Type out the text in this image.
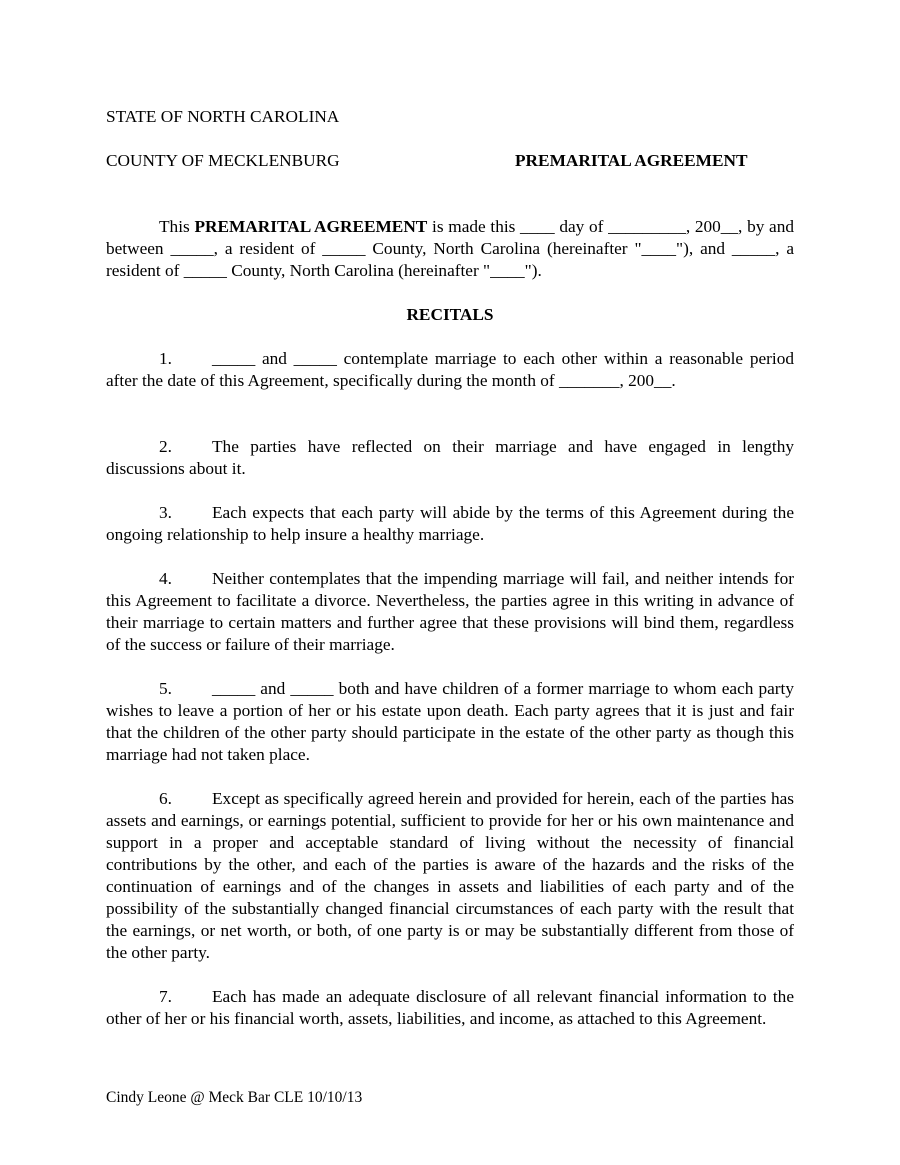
STATE OF NORTH CAROLINA
COUNTY OF MECKLENBURG	PREMARITAL AGREEMENT

This PREMARITAL AGREEMENT is made this ____ day of _________, 200__, by and between _____, a resident of _____ County, North Carolina (hereinafter "____"), and _____, a resident of _____ County, North Carolina (hereinafter "____").

RECITALS

1. _____ and _____ contemplate marriage to each other within a reasonable period after the date of this Agreement, specifically during the month of _______, 200__.

2. The parties have reflected on their marriage and have engaged in lengthy discussions about it.

3. Each expects that each party will abide by the terms of this Agreement during the ongoing relationship to help insure a healthy marriage.

4. Neither contemplates that the impending marriage will fail, and neither intends for this Agreement to facilitate a divorce. Nevertheless, the parties agree in this writing in advance of their marriage to certain matters and further agree that these provisions will bind them, regardless of the success or failure of their marriage.

5. _____ and _____ both and have children of a former marriage to whom each party wishes to leave a portion of her or his estate upon death. Each party agrees that it is just and fair that the children of the other party should participate in the estate of the other party as though this marriage had not taken place.

6. Except as specifically agreed herein and provided for herein, each of the parties has assets and earnings, or earnings potential, sufficient to provide for her or his own maintenance and support in a proper and acceptable standard of living without the necessity of financial contributions by the other, and each of the parties is aware of the hazards and the risks of the continuation of earnings and of the changes in assets and liabilities of each party and of the possibility of the substantially changed financial circumstances of each party with the result that the earnings, or net worth, or both, of one party is or may be substantially different from those of the other party.

7. Each has made an adequate disclosure of all relevant financial information to the other of her or his financial worth, assets, liabilities, and income, as attached to this Agreement.

Cindy Leone @ Meck Bar CLE 10/10/13
